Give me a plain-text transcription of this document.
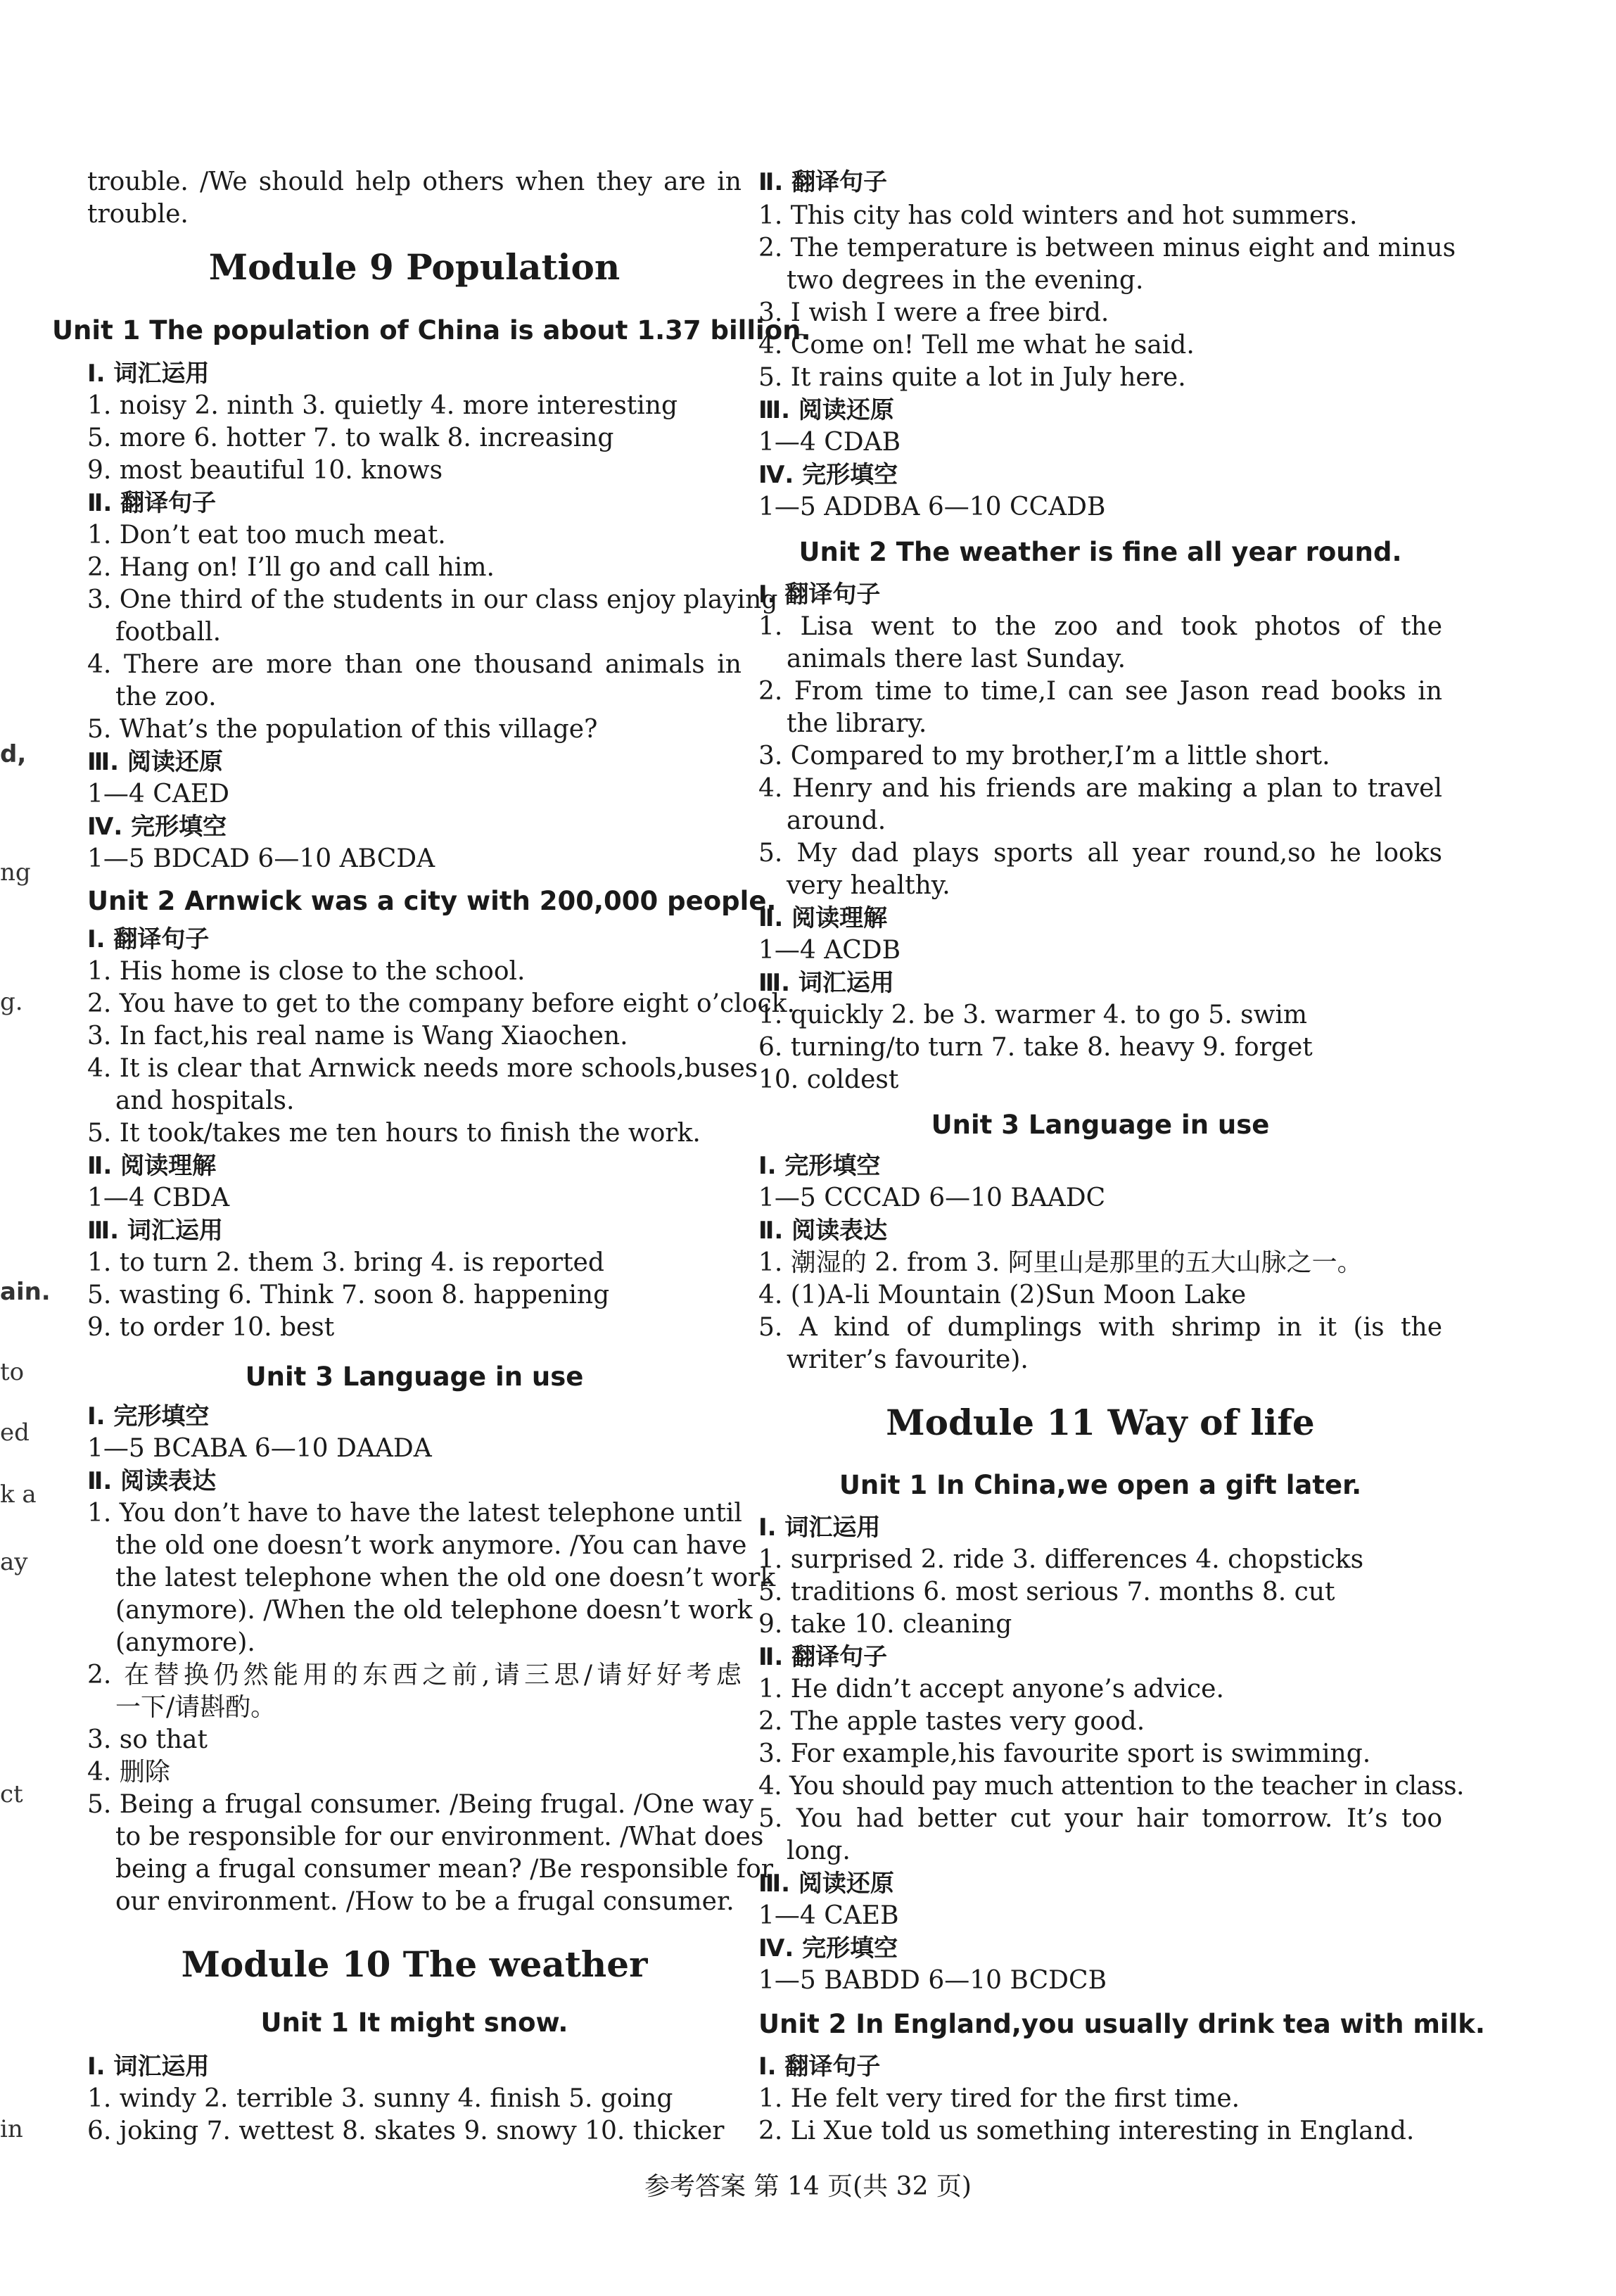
trouble. /We should help others when they are in
trouble.
Module 9 Population
Unit 1 The population of China is about 1.37 billion.
Ⅰ. 词汇运用
1. noisy 2. ninth 3. quietly 4. more interesting
5. more 6. hotter 7. to walk 8. increasing
9. most beautiful 10. knows
Ⅱ. 翻译句子
1. Don’t eat too much meat.
2. Hang on! I’ll go and call him.
3. One third of the students in our class enjoy playing
football.
4. There are more than one thousand animals in
the zoo.
5. What’s the population of this village?
Ⅲ. 阅读还原
1—4 CAED
Ⅳ. 完形填空
1—5 BDCAD 6—10 ABCDA
Unit 2 Arnwick was a city with 200,000 people.
Ⅰ. 翻译句子
1. His home is close to the school.
2. You have to get to the company before eight o’clock.
3. In fact,his real name is Wang Xiaochen.
4. It is clear that Arnwick needs more schools,buses
and hospitals.
5. It took/takes me ten hours to finish the work.
Ⅱ. 阅读理解
1—4 CBDA
Ⅲ. 词汇运用
1. to turn 2. them 3. bring 4. is reported
5. wasting 6. Think 7. soon 8. happening
9. to order 10. best
Unit 3 Language in use
Ⅰ. 完形填空
1—5 BCABA 6—10 DAADA
Ⅱ. 阅读表达
1. You don’t have to have the latest telephone until
the old one doesn’t work anymore. /You can have
the latest telephone when the old one doesn’t work
(anymore). /When the old telephone doesn’t work
(anymore).
2. 在替换仍然能用的东西之前,请三思/请好好考虑
一下/请斟酌。
3. so that
4. 删除
5. Being a frugal consumer. /Being frugal. /One way
to be responsible for our environment. /What does
being a frugal consumer mean? /Be responsible for
our environment. /How to be a frugal consumer.
Module 10 The weather
Unit 1 It might snow.
Ⅰ. 词汇运用
1. windy 2. terrible 3. sunny 4. finish 5. going
6. joking 7. wettest 8. skates 9. snowy 10. thicker
Ⅱ. 翻译句子
1. This city has cold winters and hot summers.
2. The temperature is between minus eight and minus
two degrees in the evening.
3. I wish I were a free bird.
4. Come on! Tell me what he said.
5. It rains quite a lot in July here.
Ⅲ. 阅读还原
1—4 CDAB
Ⅳ. 完形填空
1—5 ADDBA 6—10 CCADB
Unit 2 The weather is fine all year round.
Ⅰ. 翻译句子
1. Lisa went to the zoo and took photos of the
animals there last Sunday.
2. From time to time,I can see Jason read books in
the library.
3. Compared to my brother,I’m a little short.
4. Henry and his friends are making a plan to travel
around.
5. My dad plays sports all year round,so he looks
very healthy.
Ⅱ. 阅读理解
1—4 ACDB
Ⅲ. 词汇运用
1. quickly 2. be 3. warmer 4. to go 5. swim
6. turning/to turn 7. take 8. heavy 9. forget
10. coldest
Unit 3 Language in use
Ⅰ. 完形填空
1—5 CCCAD 6—10 BAADC
Ⅱ. 阅读表达
1. 潮湿的 2. from 3. 阿里山是那里的五大山脉之一。
4. (1)A-li Mountain (2)Sun Moon Lake
5. A kind of dumplings with shrimp in it (is the
writer’s favourite).
Module 11 Way of life
Unit 1 In China,we open a gift later.
Ⅰ. 词汇运用
1. surprised 2. ride 3. differences 4. chopsticks
5. traditions 6. most serious 7. months 8. cut
9. take 10. cleaning
Ⅱ. 翻译句子
1. He didn’t accept anyone’s advice.
2. The apple tastes very good.
3. For example,his favourite sport is swimming.
4. You should pay much attention to the teacher in class.
5. You had better cut your hair tomorrow. It’s too
long.
Ⅲ. 阅读还原
1—4 CAEB
Ⅳ. 完形填空
1—5 BABDD 6—10 BCDCB
Unit 2 In England,you usually drink tea with milk.
Ⅰ. 翻译句子
1. He felt very tired for the first time.
2. Li Xue told us something interesting in England.
d,
ng
g.
ain.
to
ed
k a
ay
ct
in
参考答案 第 14 页(共 32 页)
